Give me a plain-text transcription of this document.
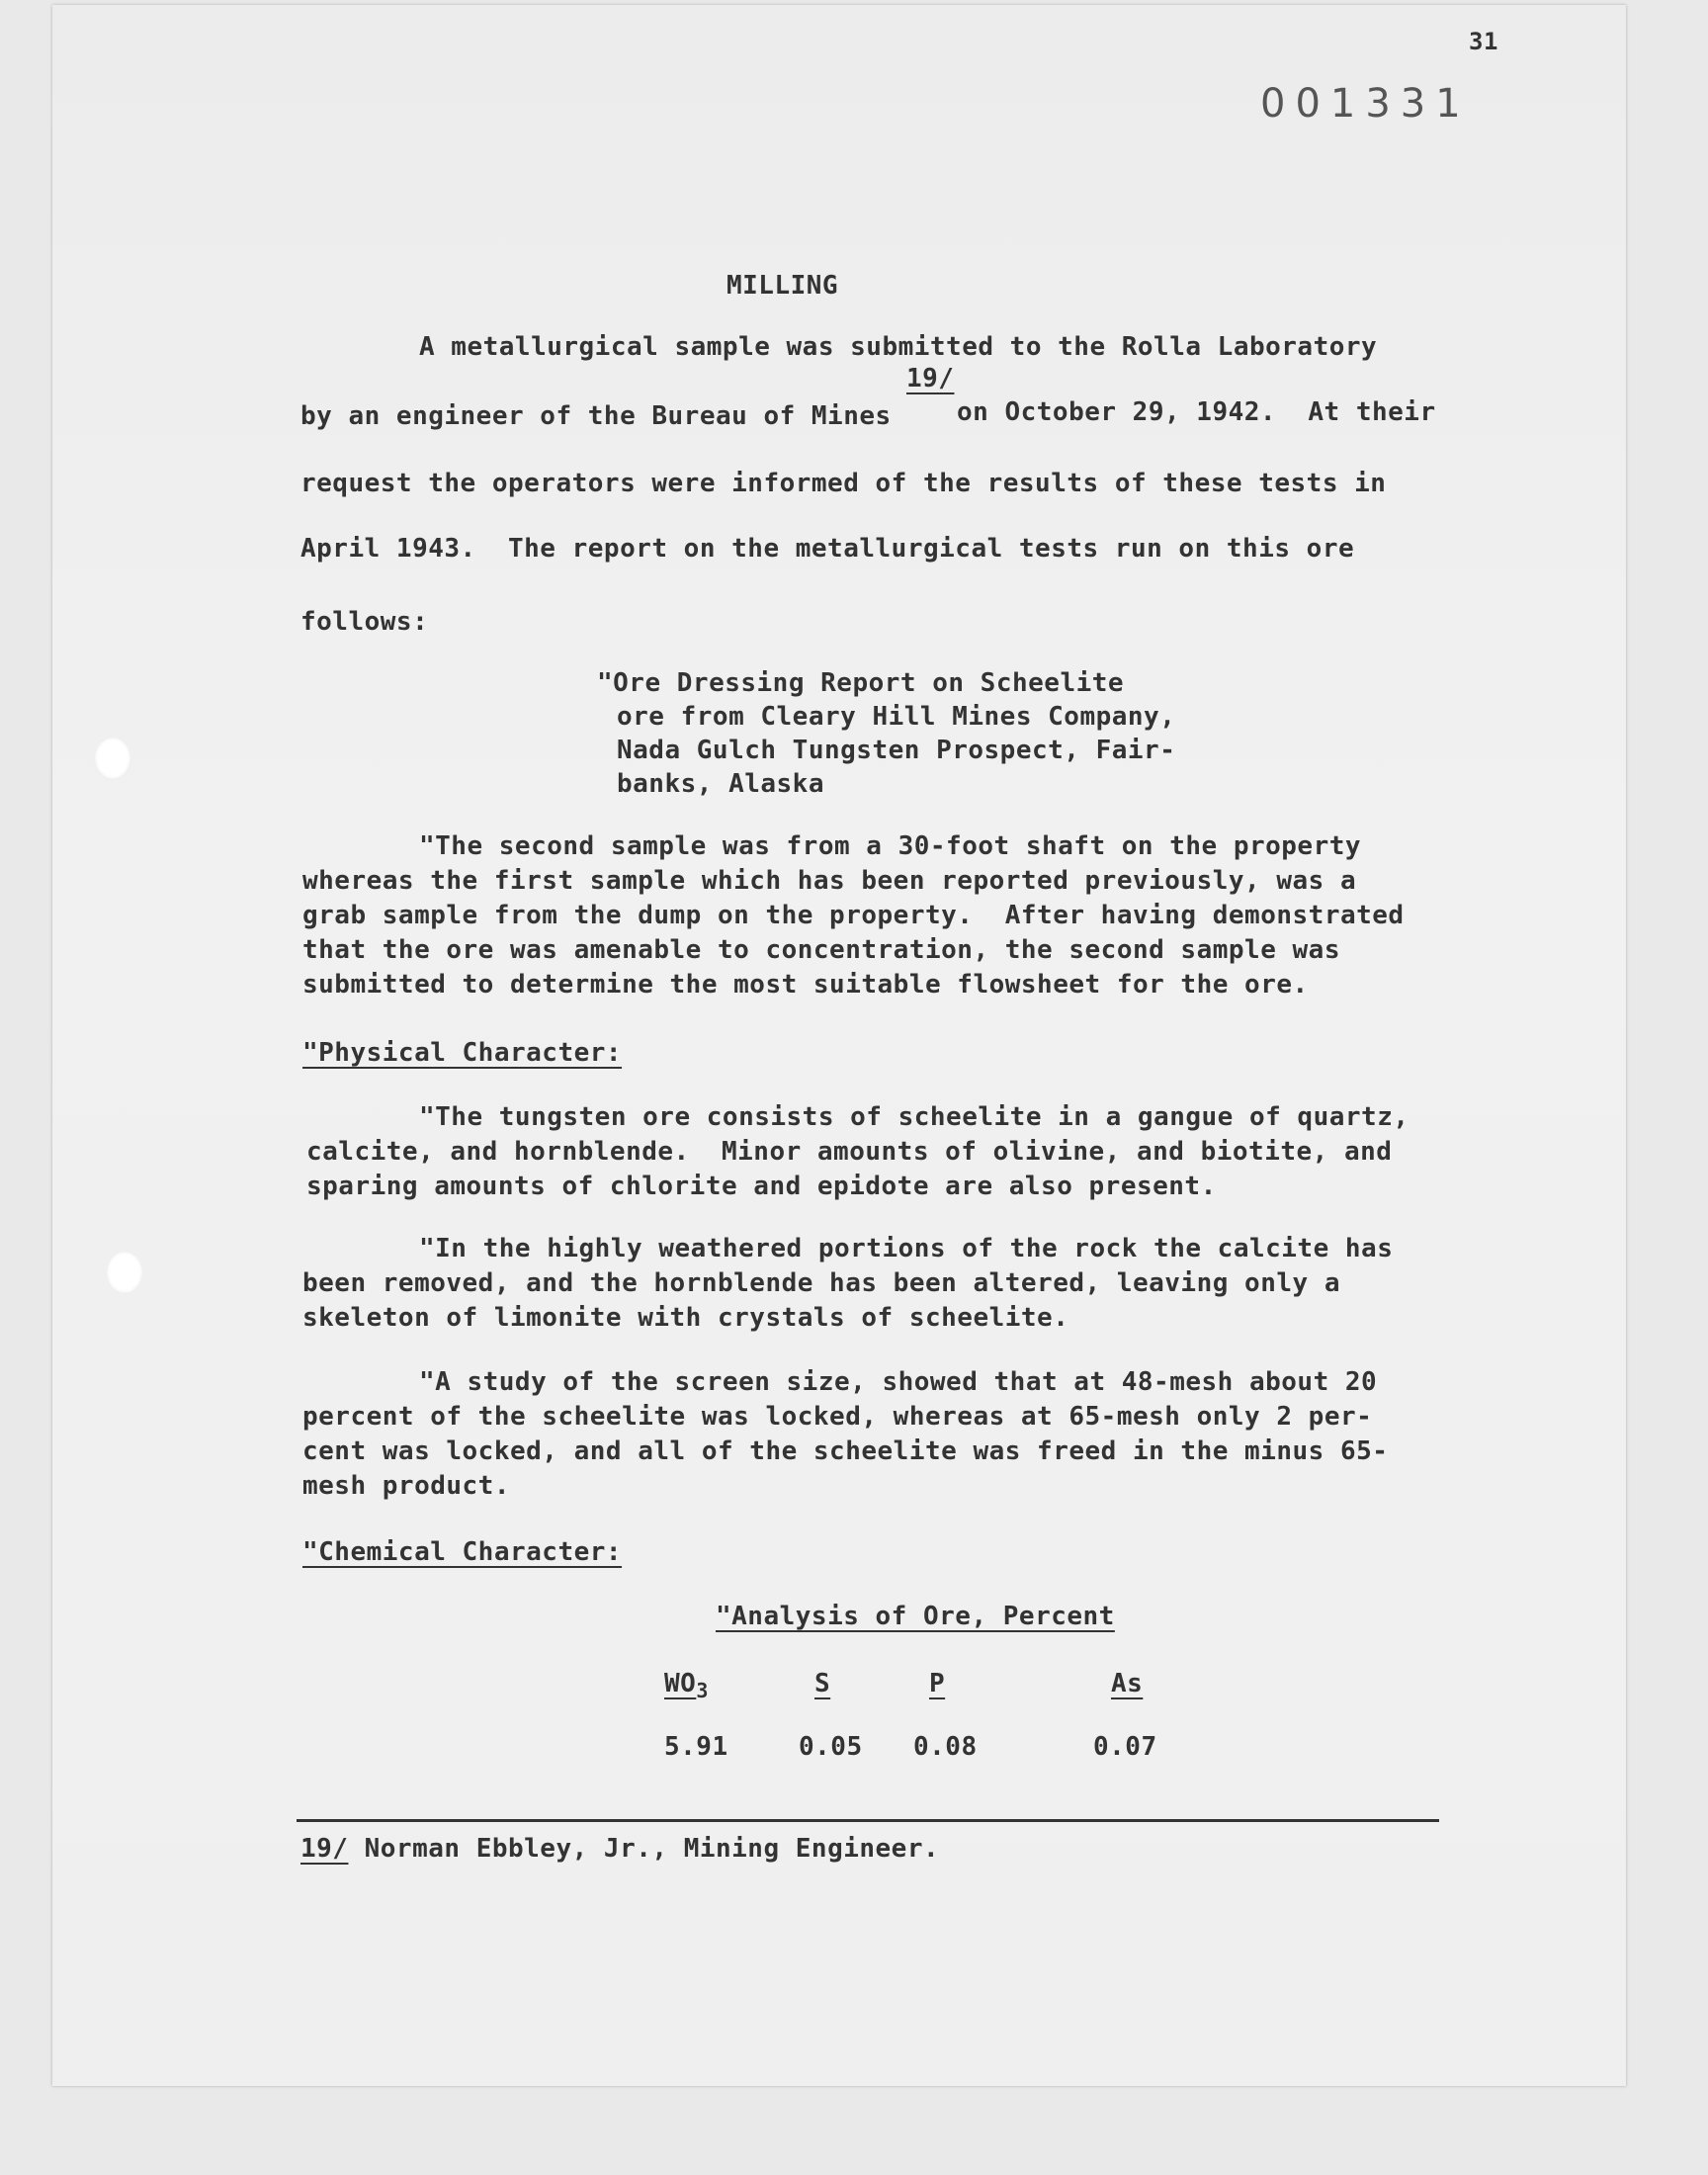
31
001331
MILLING
A metallurgical sample was submitted to the Rolla Laboratory
19/
by an engineer of the Bureau of Mines	on October 29, 1942.  At their
request the operators were informed of the results of these tests in
April 1943.  The report on the metallurgical tests run on this ore
follows:
"Ore Dressing Report on Scheelite
ore from Cleary Hill Mines Company,
Nada Gulch Tungsten Prospect, Fair-
banks, Alaska
"The second sample was from a 30-foot shaft on the property
whereas the first sample which has been reported previously, was a
grab sample from the dump on the property.  After having demonstrated
that the ore was amenable to concentration, the second sample was
submitted to determine the most suitable flowsheet for the ore.
"Physical Character:
"The tungsten ore consists of scheelite in a gangue of quartz,
calcite, and hornblende.  Minor amounts of olivine, and biotite, and
sparing amounts of chlorite and epidote are also present.
"In the highly weathered portions of the rock the calcite has
been removed, and the hornblende has been altered, leaving only a
skeleton of limonite with crystals of scheelite.
"A study of the screen size, showed that at 48-mesh about 20
percent of the scheelite was locked, whereas at 65-mesh only 2 per-
cent was locked, and all of the scheelite was freed in the minus 65-
mesh product.
"Chemical Character:
"Analysis of Ore, Percent
$WO_3$	S	P	As
5.91	0.05 0.08	0.07
19/ Norman Ebbley, Jr., Mining Engineer.
